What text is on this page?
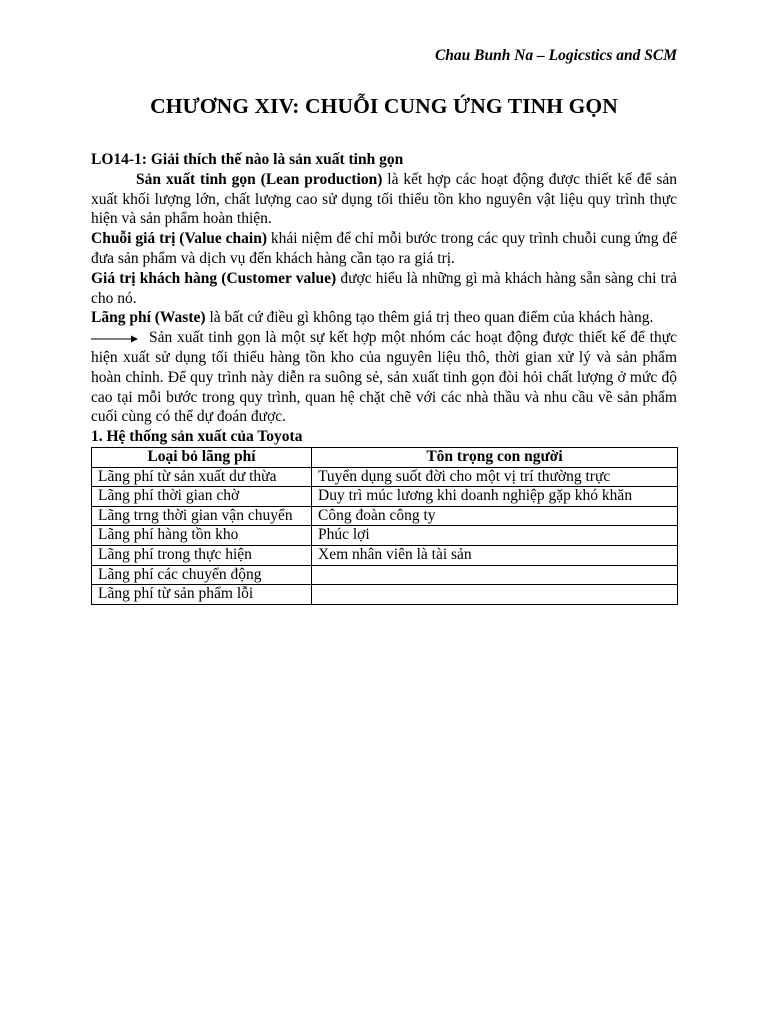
Chau Bunh Na – Logicstics and SCM
CHƯƠNG XIV: CHUỖI CUNG ỨNG TINH GỌN

LO14-1: Giải thích thế nào là sản xuất tinh gọn

Sản xuất tinh gọn (Lean production) là kết hợp các hoạt động được thiết kế để sản xuất khối lượng lớn, chất lượng cao sử dụng tối thiểu tồn kho nguyên vật liệu quy trình thực hiện và sản phẩm hoàn thiện.

Chuỗi giá trị (Value chain) khái niệm để chỉ mỗi bước trong các quy trình chuỗi cung ứng để đưa sản phẩm và dịch vụ đến khách hàng cần tạo ra giá trị.

Giá trị khách hàng (Customer value) được hiểu là những gì mà khách hàng sẵn sàng chi trả cho nó.

Lãng phí (Waste) là bất cứ điều gì không tạo thêm giá trị theo quan điểm của khách hàng.

Sản xuất tinh gọn là một sự kết hợp một nhóm các hoạt động được thiết kế để thực hiện xuất sử dụng tối thiểu hàng tồn kho của nguyên liệu thô, thời gian xử lý và sản phẩm hoàn chỉnh. Để quy trình này diễn ra suông sẻ, sản xuất tinh gọn đòi hỏi chất lượng ở mức độ cao tại mỗi bước trong quy trình, quan hệ chặt chẽ với các nhà thầu và nhu cầu về sản phẩm cuối cùng có thể dự đoán được.

1. Hệ thống sản xuất của Toyota

Loại bỏ lãng phí	Tôn trọng con người
Lãng phí từ sản xuất dư thừa	Tuyển dụng suốt đời cho một vị trí thường trực
Lãng phí thời gian chờ	Duy trì múc lương khi doanh nghiệp gặp khó khăn
Lãng trng thời gian vận chuyển	Công đoàn công ty
Lãng phí hàng tồn kho	Phúc lợi
Lãng phí trong thực hiện	Xem nhân viên là tài sản
Lãng phí các chuyển động	
Lãng phí từ sản phẩm lỗi	
